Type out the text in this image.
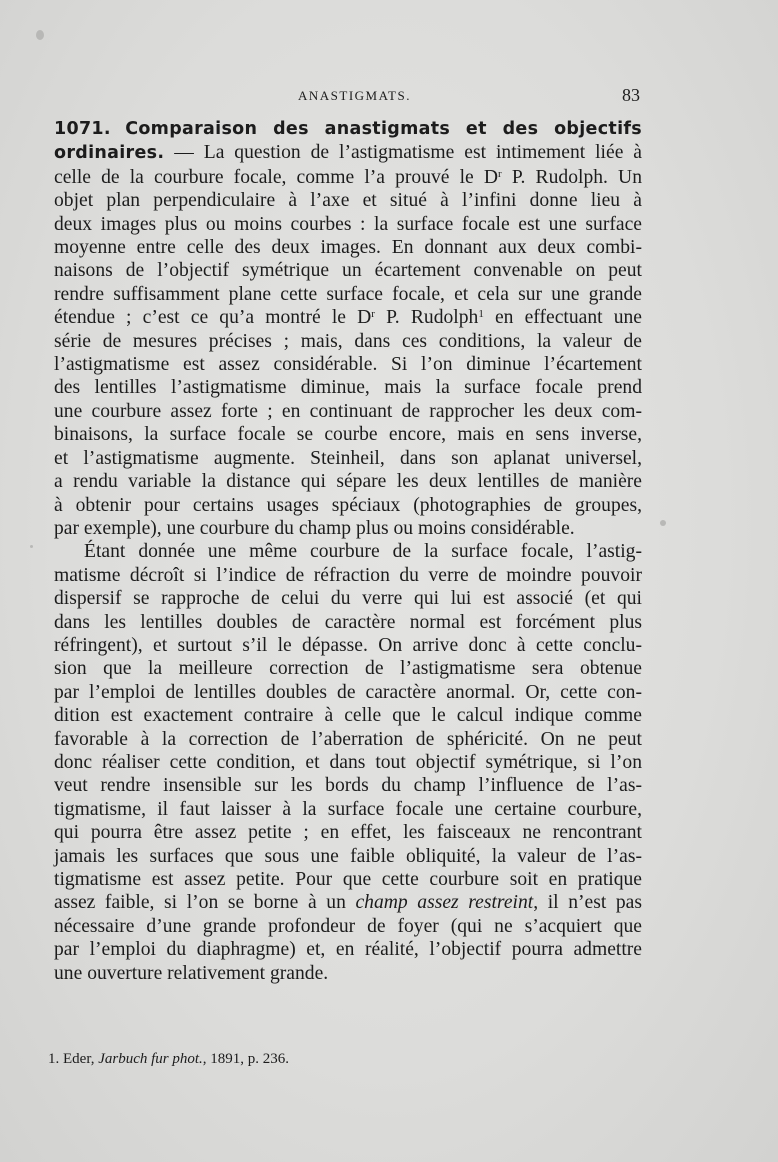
ANASTIGMATS.	83
1071. Comparaison des anastigmats et des objectifs
ordinaires. — La question de l’astigmatisme est intimement liée à
celle de la courbure focale, comme l’a prouvé le $D^r$ P. Rudolph. Un
objet plan perpendiculaire à l’axe et situé à l’infini donne lieu à
deux images plus ou moins courbes : la surface focale est une surface
moyenne entre celle des deux images. En donnant aux deux combi-
naisons de l’objectif symétrique un écartement convenable on peut
rendre suffisamment plane cette surface focale, et cela sur une grande
étendue ; c’est ce qu’a montré le $D^r$ P. Rudolph$^1$ en effectuant une
série de mesures précises ; mais, dans ces conditions, la valeur de
l’astigmatisme est assez considérable. Si l’on diminue l’écartement
des lentilles l’astigmatisme diminue, mais la surface focale prend
une courbure assez forte ; en continuant de rapprocher les deux com-
binaisons, la surface focale se courbe encore, mais en sens inverse,
et l’astigmatisme augmente. Steinheil, dans son aplanat universel,
a rendu variable la distance qui sépare les deux lentilles de manière
à obtenir pour certains usages spéciaux (photographies de groupes,
par exemple), une courbure du champ plus ou moins considérable.
Étant donnée une même courbure de la surface focale, l’astig-
matisme décroît si l’indice de réfraction du verre de moindre pouvoir
dispersif se rapproche de celui du verre qui lui est associé (et qui
dans les lentilles doubles de caractère normal est forcément plus
réfringent), et surtout s’il le dépasse. On arrive donc à cette conclu-
sion que la meilleure correction de l’astigmatisme sera obtenue
par l’emploi de lentilles doubles de caractère anormal. Or, cette con-
dition est exactement contraire à celle que le calcul indique comme
favorable à la correction de l’aberration de sphéricité. On ne peut
donc réaliser cette condition, et dans tout objectif symétrique, si l’on
veut rendre insensible sur les bords du champ l’influence de l’as-
tigmatisme, il faut laisser à la surface focale une certaine courbure,
qui pourra être assez petite ; en effet, les faisceaux ne rencontrant
jamais les surfaces que sous une faible obliquité, la valeur de l’as-
tigmatisme est assez petite. Pour que cette courbure soit en pratique
assez faible, si l’on se borne à un champ assez restreint, il n’est pas
nécessaire d’une grande profondeur de foyer (qui ne s’acquiert que
par l’emploi du diaphragme) et, en réalité, l’objectif pourra admettre
une ouverture relativement grande.
1. Eder, Jarbuch fur phot., 1891, p. 236.
